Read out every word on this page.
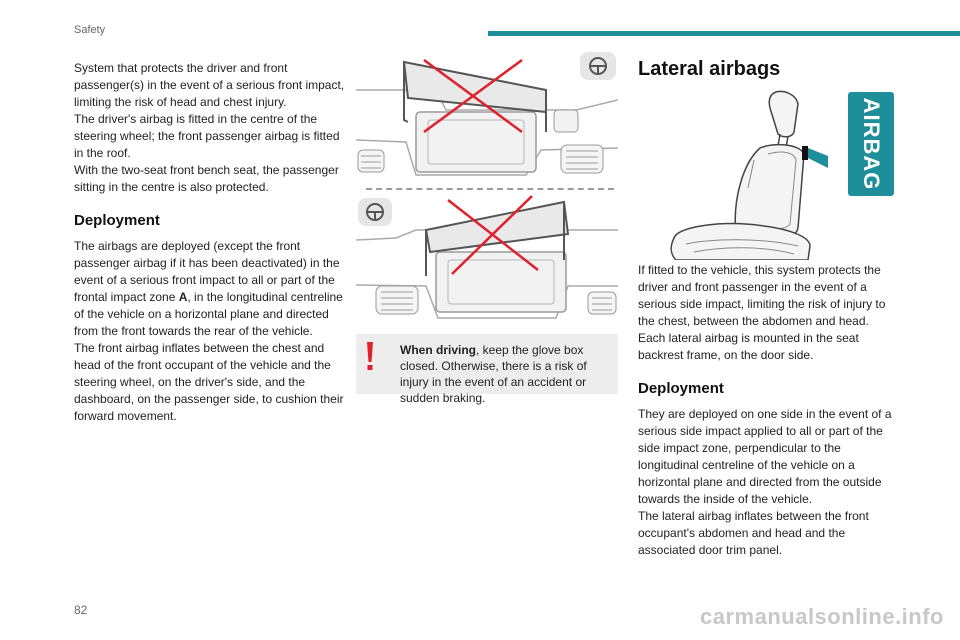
Safety

System that protects the driver and front passenger(s) in the event of a serious front impact, limiting the risk of head and chest injury.

The driver's airbag is fitted in the centre of the steering wheel; the front passenger airbag is fitted in the roof.

With the two-seat front bench seat, the passenger sitting in the centre is also protected.

Deployment

The airbags are deployed (except the front passenger airbag if it has been deactivated) in the event of a serious front impact to all or part of the frontal impact zone A, in the longitudinal centreline of the vehicle on a horizontal plane and directed from the front towards the rear of the vehicle.

The front airbag inflates between the chest and head of the front occupant of the vehicle and the steering wheel, on the driver's side, and the dashboard, on the passenger side, to cushion their forward movement.

When driving, keep the glove box closed. Otherwise, there is a risk of injury in the event of an accident or sudden braking.

Lateral airbags
AIRBAG

If fitted to the vehicle, this system protects the driver and front passenger in the event of a serious side impact, limiting the risk of injury to the chest, between the abdomen and head.

Each lateral airbag is mounted in the seat backrest frame, on the door side.

Deployment

They are deployed on one side in the event of a serious side impact applied to all or part of the side impact zone, perpendicular to the longitudinal centreline of the vehicle on a horizontal plane and directed from the outside towards the inside of the vehicle.

The lateral airbag inflates between the front occupant's abdomen and head and the associated door trim panel.

82	carmanualsonline.info
